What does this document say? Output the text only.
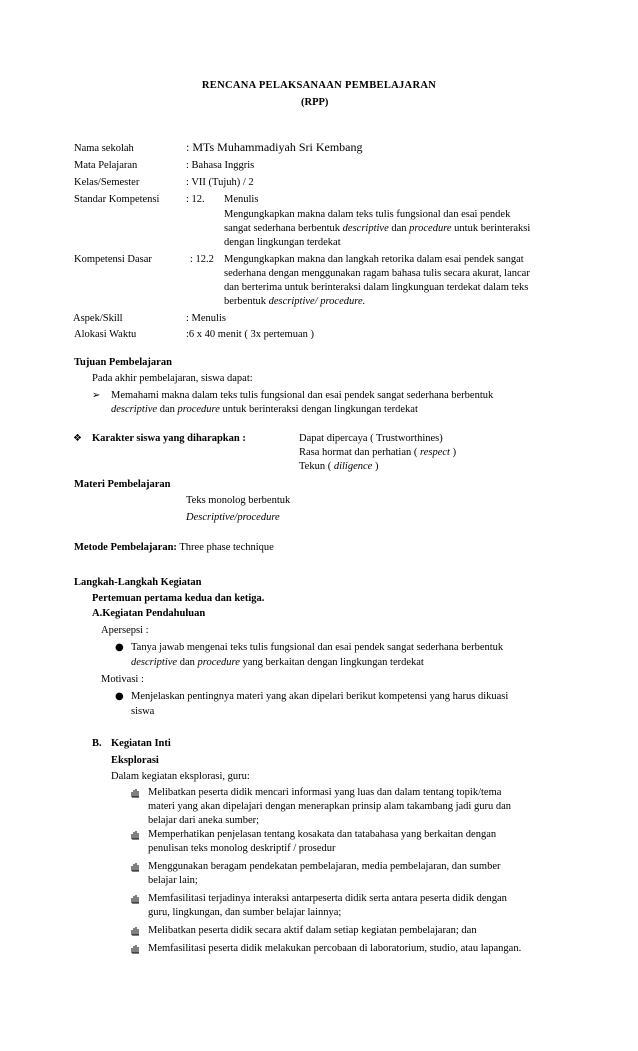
RENCANA PELAKSANAAN PEMBELAJARAN
(RPP)
Nama sekolah	: MTs Muhammadiyah Sri Kembang
Mata Pelajaran	: Bahasa Inggris
Kelas/Semester	: VII (Tujuh) / 2
Standar Kompetensi	: 12. Menulis
Mengungkapkan makna dalam teks tulis fungsional dan esai pendek
sangat sederhana berbentuk descriptive dan procedure untuk berinteraksi
dengan lingkungan terdekat
Kompetensi Dasar	: 12.2 Mengungkapkan makna dan langkah retorika dalam esai pendek sangat
sederhana dengan menggunakan ragam bahasa tulis secara akurat, lancar
dan berterima untuk berinteraksi dalam lingkunguan terdekat dalam teks
berbentuk descriptive/ procedure.
Aspek/Skill	: Menulis
Alokasi Waktu	:6 x 40 menit ( 3x pertemuan )
Tujuan Pembelajaran
Pada akhir pembelajaran, siswa dapat:
➢ Memahami makna dalam teks tulis fungsional dan esai pendek sangat sederhana berbentuk
descriptive dan procedure untuk berinteraksi dengan lingkungan terdekat
❖ Karakter siswa yang diharapkan :	Dapat dipercaya ( Trustworthines)
Rasa hormat dan perhatian ( respect )
Tekun ( diligence )
Materi Pembelajaran
Teks monolog berbentuk
Descriptive/procedure
Metode Pembelajaran: Three phase technique
Langkah-Langkah Kegiatan
Pertemuan pertama kedua dan ketiga.
A.Kegiatan Pendahuluan
Apersepsi :
● Tanya jawab mengenai teks tulis fungsional dan esai pendek sangat sederhana berbentuk
descriptive dan procedure yang berkaitan dengan lingkungan terdekat
Motivasi :
● Menjelaskan pentingnya materi yang akan dipelari berikut kompetensi yang harus dikuasi
siswa
B. Kegiatan Inti
Eksplorasi
Dalam kegiatan eksplorasi, guru:
Melibatkan peserta didik mencari informasi yang luas dan dalam tentang topik/tema
materi yang akan dipelajari dengan menerapkan prinsip alam takambang jadi guru dan
belajar dari aneka sumber;
Memperhatikan penjelasan tentang kosakata dan tatabahasa yang berkaitan dengan
penulisan teks monolog deskriptif / prosedur
Menggunakan beragam pendekatan pembelajaran, media pembelajaran, dan sumber
belajar lain;
Memfasilitasi terjadinya interaksi antarpeserta didik serta antara peserta didik dengan
guru, lingkungan, dan sumber belajar lainnya;
Melibatkan peserta didik secara aktif dalam setiap kegiatan pembelajaran; dan
Memfasilitasi peserta didik melakukan percobaan di laboratorium, studio, atau lapangan.
